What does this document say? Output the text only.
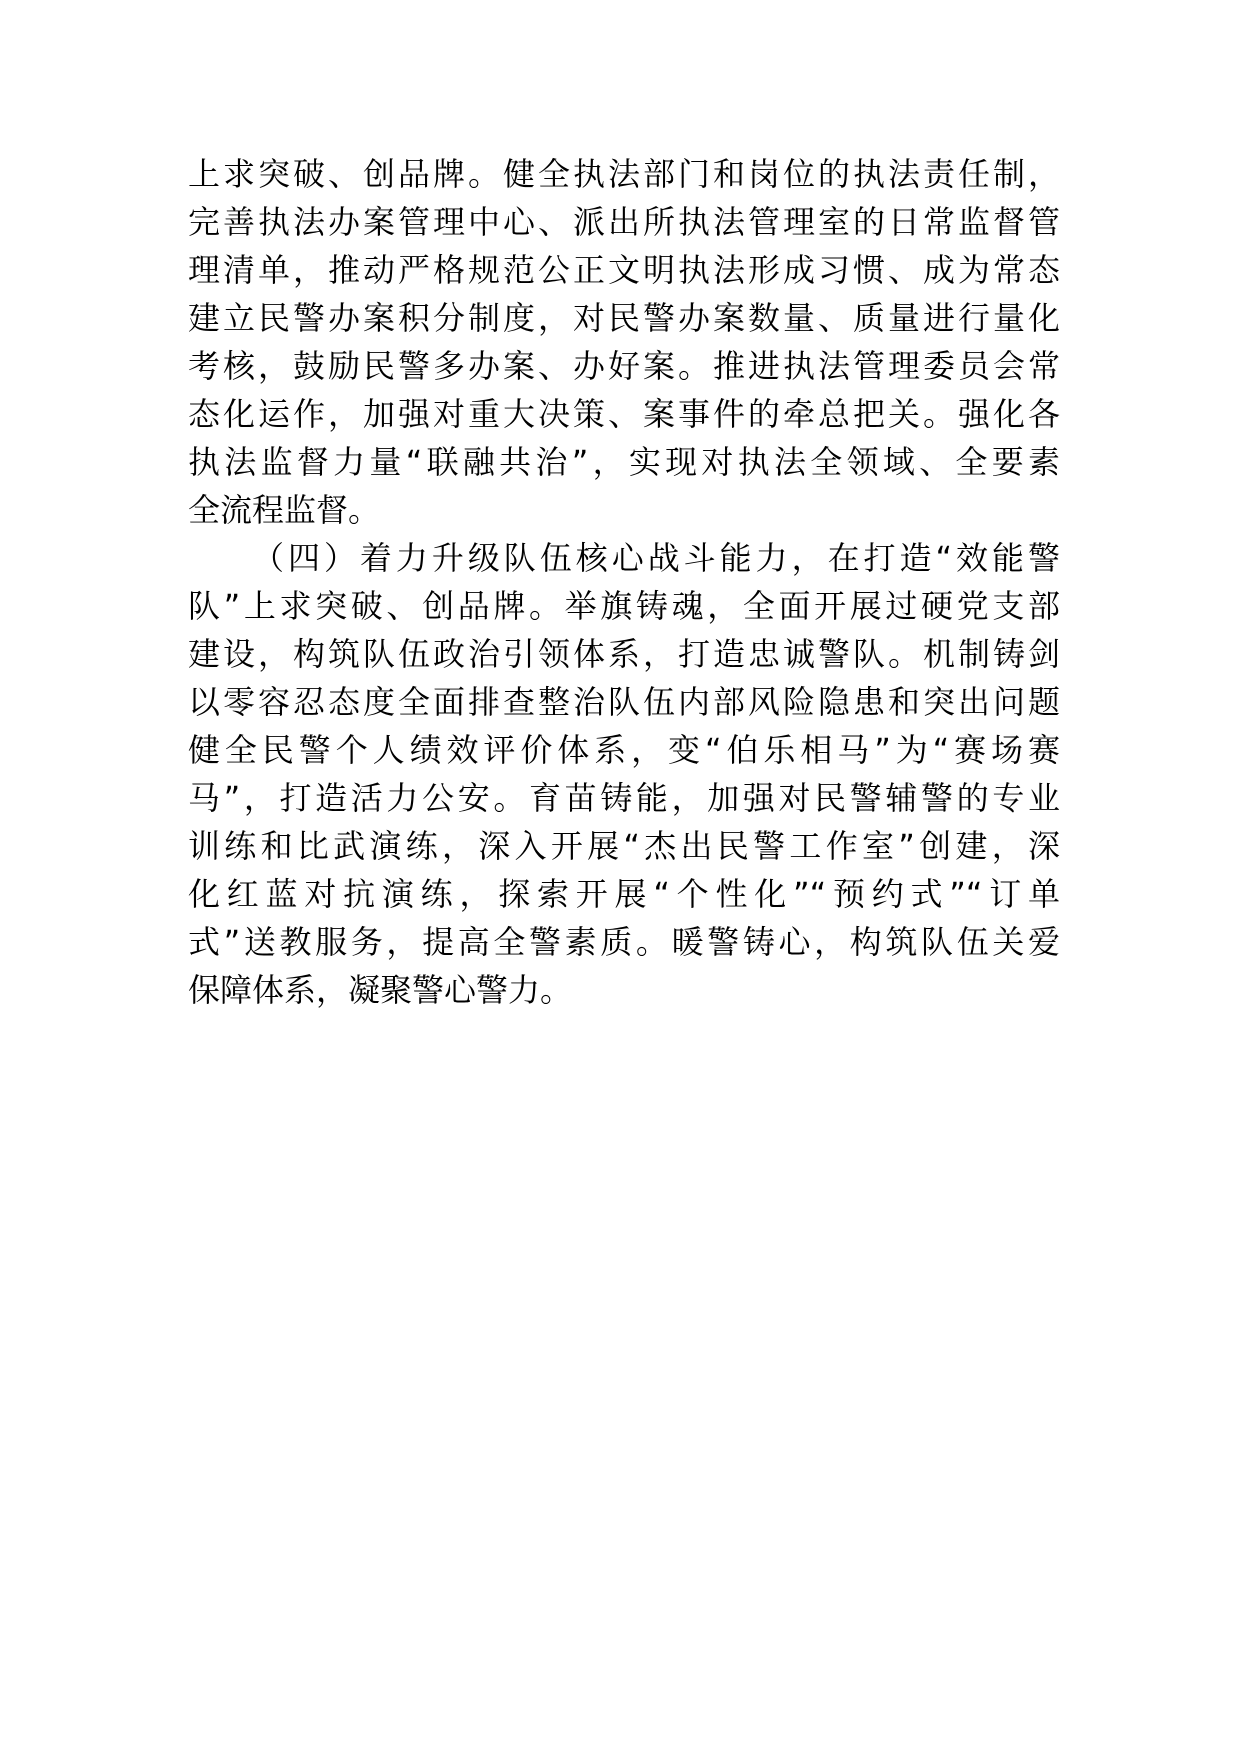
上求突破、创品牌。健全执法部门和岗位的执法责任制，
完善执法办案管理中心、派出所执法管理室的日常监督管
理清单，推动严格规范公正文明执法形成习惯、成为常态
建立民警办案积分制度，对民警办案数量、质量进行量化
考核，鼓励民警多办案、办好案。推进执法管理委员会常
态化运作，加强对重大决策、案事件的牵总把关。强化各
执法监督力量“联融共治”，实现对执法全领域、全要素
全流程监督。
（四）着力升级队伍核心战斗能力，在打造“效能警
队”上求突破、创品牌。举旗铸魂，全面开展过硬党支部
建设，构筑队伍政治引领体系，打造忠诚警队。机制铸剑
以零容忍态度全面排查整治队伍内部风险隐患和突出问题
健全民警个人绩效评价体系，变“伯乐相马”为“赛场赛
马”，打造活力公安。育苗铸能，加强对民警辅警的专业
训练和比武演练，深入开展“杰出民警工作室”创建，深
化红蓝对抗演练，探索开展“个性化”“预约式”“订单
式”送教服务，提高全警素质。暖警铸心，构筑队伍关爱
保障体系，凝聚警心警力。
